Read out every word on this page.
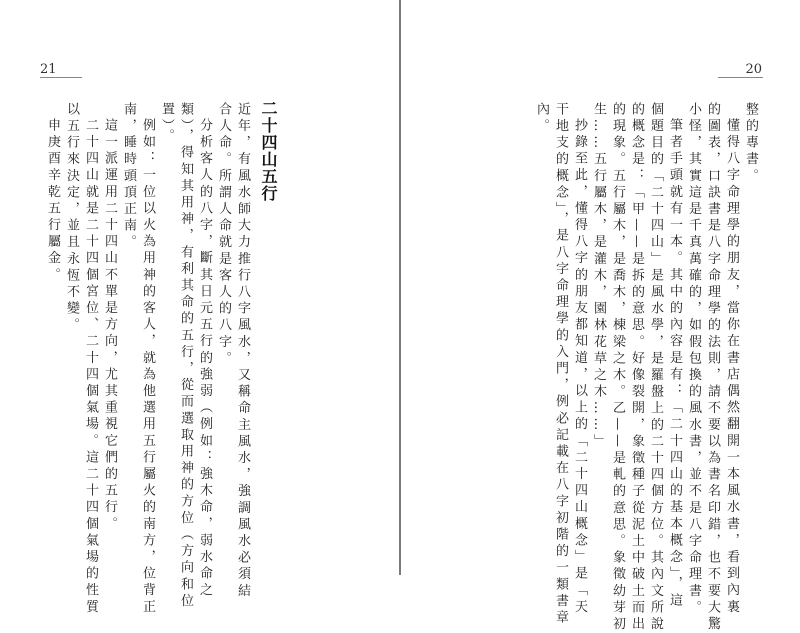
21
二十四山五行
近年，有風水師大力推行八字風水，又稱命主風水，強調風水必須結
合人命。所謂人命就是客人的八字。
分析客人的八字，斷其日元五行的強弱（例如：強木命，弱水命之
類），得知其用神，有利其命的五行，從而選取用神的方位（方向和位
置）。
例如：一位以火為用神的客人，就為他選用五行屬火的南方，位背正
南，睡時頭頂正南。
這一派運用二十四山不單是方向，尤其重視它們的五行。
二十四山就是二十四個宮位、二十四個氣場。這二十四個氣場的性質
以五行來決定，並且永恆不變。
申庚酉辛乾五行屬金。
20
整的專書。
懂得八字命理學的朋友，當你在書店偶然翻開一本風水書，看到內裏
的圖表，口訣書是八字命理學的法則，請不要以為書名印錯，也不要大驚
小怪，其實這是千真萬確的，如假包換的風水書，並不是八字命理書。
筆者手頭就有一本。其中的內容是有：「二十四山的基本概念」，這
個題目的「二十四山」是風水學，是羅盤上的二十四個方位。其內文所說
的概念是：「甲——是拆的意思。好像裂開，象徵種子從泥土中破土而出
的現象。五行屬木，是喬木，棟梁之木。乙——是軋的意思。象徵幼芽初
生……五行屬木，是灌木，園林花草之木……」
抄錄至此，懂得八字的朋友都知道，以上的「二十四山概念」是「天
干地支的概念」，是八字命理學的入門，例必記載在八字初階的一類書章
內。
